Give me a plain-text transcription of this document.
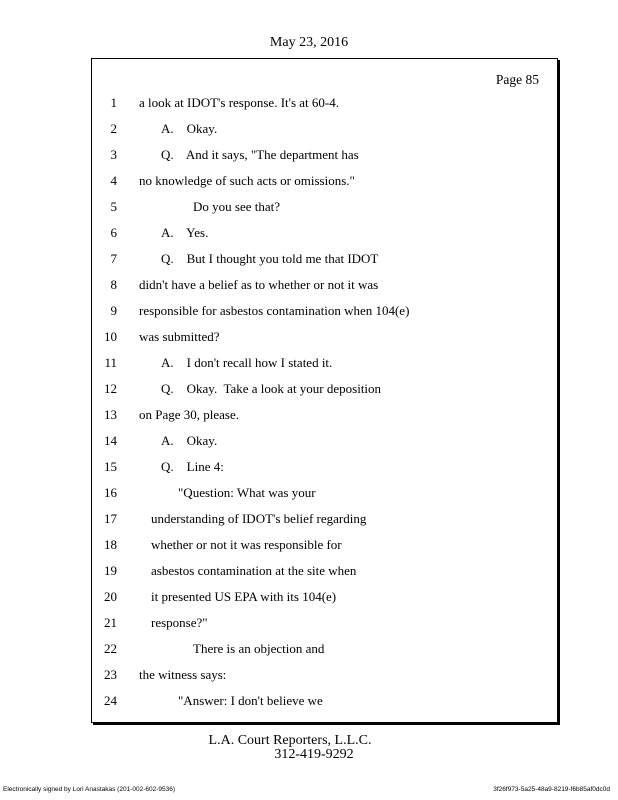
May 23, 2016
Page 85
1 a look at IDOT's response. It's at 60-4.
2	A.    Okay.
3	Q.    And it says, "The department has
4 no knowledge of such acts or omissions."
5	Do you see that?
6	A.    Yes.
7	Q.    But I thought you told me that IDOT
8 didn't have a belief as to whether or not it was
9 responsible for asbestos contamination when 104(e)
10 was submitted?
11	A.    I don't recall how I stated it.
12	Q.    Okay.  Take a look at your deposition
13 on Page 30, please.
14	A.    Okay.
15	Q.    Line 4:
16	"Question: What was your
17	understanding of IDOT's belief regarding
18	whether or not it was responsible for
19	asbestos contamination at the site when
20	it presented US EPA with its 104(e)
21	response?"
22	There is an objection and
23 the witness says:
24	"Answer: I don't believe we
L.A. Court Reporters, L.L.C.
312-419-9292
Electronically signed by Lori Anastakas (201-002-602-9536)	3f26f973-5a25-48a9-8219-f6b85af0dc0d
